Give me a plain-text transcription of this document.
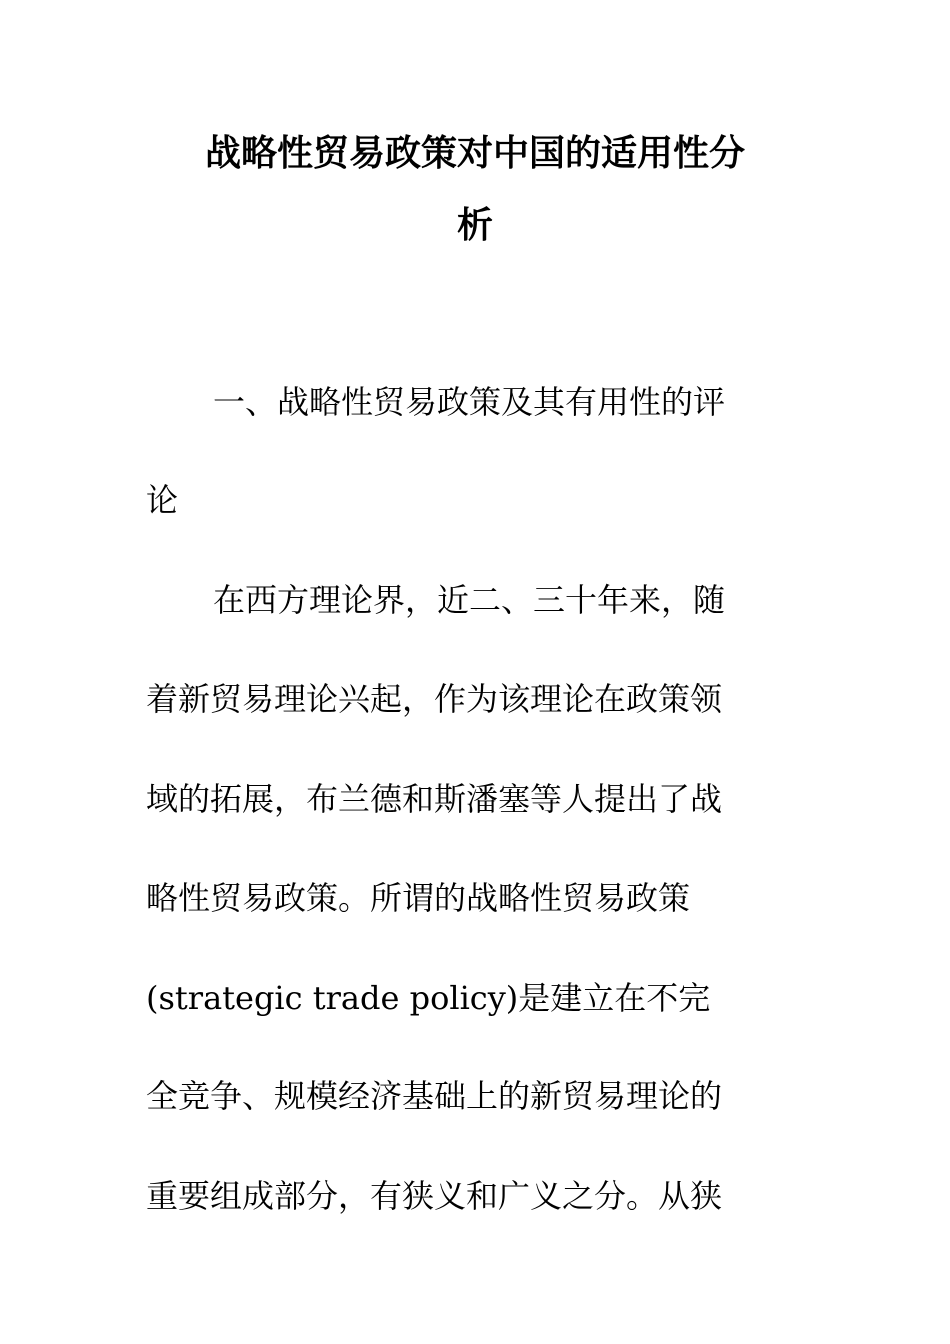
战略性贸易政策对中国的适用性分
析
一、战略性贸易政策及其有用性的评
论
在西方理论界，近二、三十年来，随
着新贸易理论兴起，作为该理论在政策领
域的拓展，布兰德和斯潘塞等人提出了战
略性贸易政策。所谓的战略性贸易政策
(strategic trade policy)是建立在不完
全竞争、规模经济基础上的新贸易理论的
重要组成部分，有狭义和广义之分。从狭
